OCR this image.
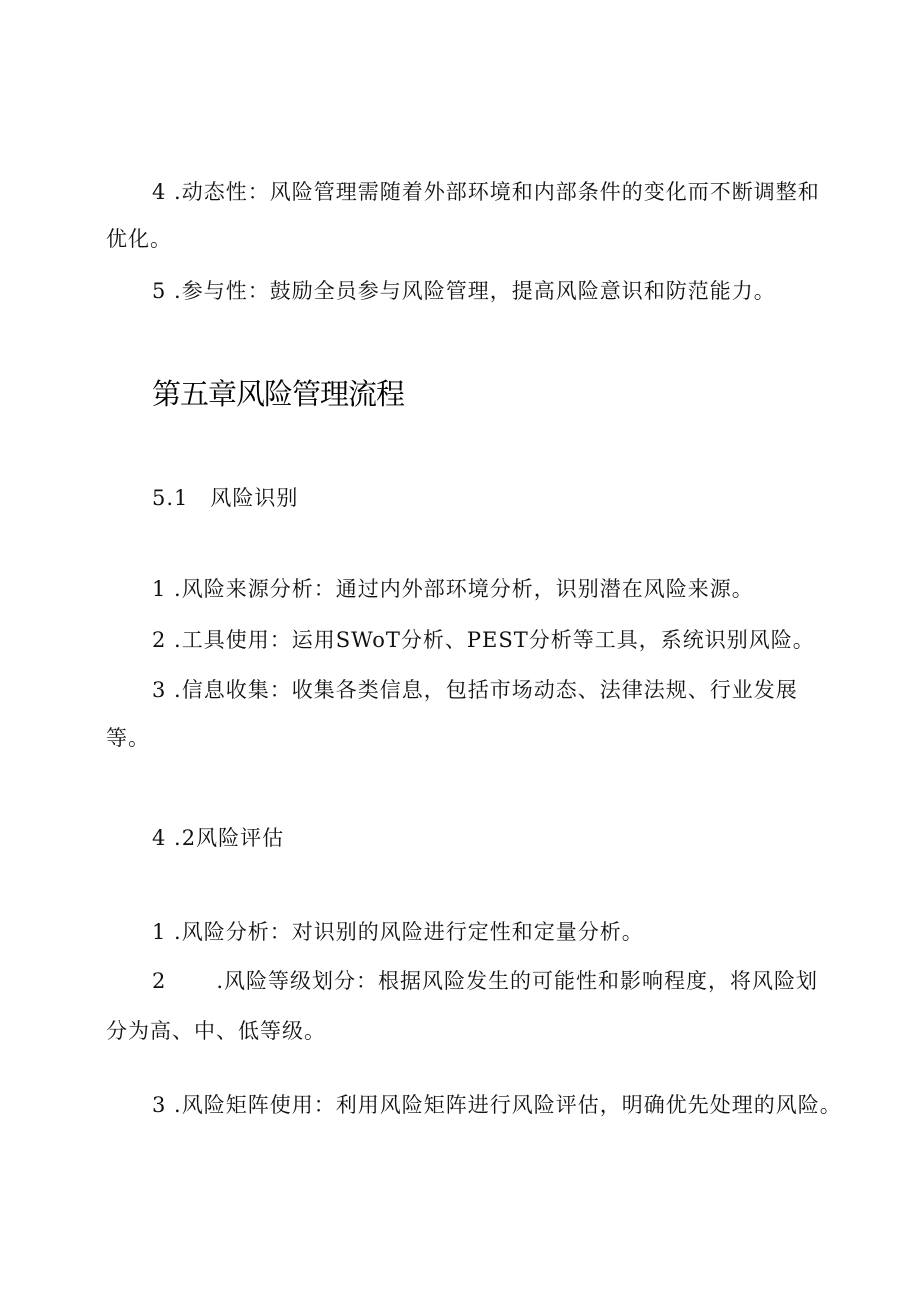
4 .动态性：风险管理需随着外部环境和内部条件的变化而不断调整和

优化。

5 .参与性：鼓励全员参与风险管理，提高风险意识和防范能力。

第五章风险管理流程

5.1 风险识别

1 .风险来源分析：通过内外部环境分析，识别潜在风险来源。

2 .工具使用：运用SWoT分析、PEST分析等工具，系统识别风险。

3 .信息收集：收集各类信息，包括市场动态、法律法规、行业发展

等。

4 .2风险评估

1 .风险分析：对识别的风险进行定性和定量分析。

2 .风险等级划分：根据风险发生的可能性和影响程度，将风险划

分为高、中、低等级。

3 .风险矩阵使用：利用风险矩阵进行风险评估，明确优先处理的风险。
